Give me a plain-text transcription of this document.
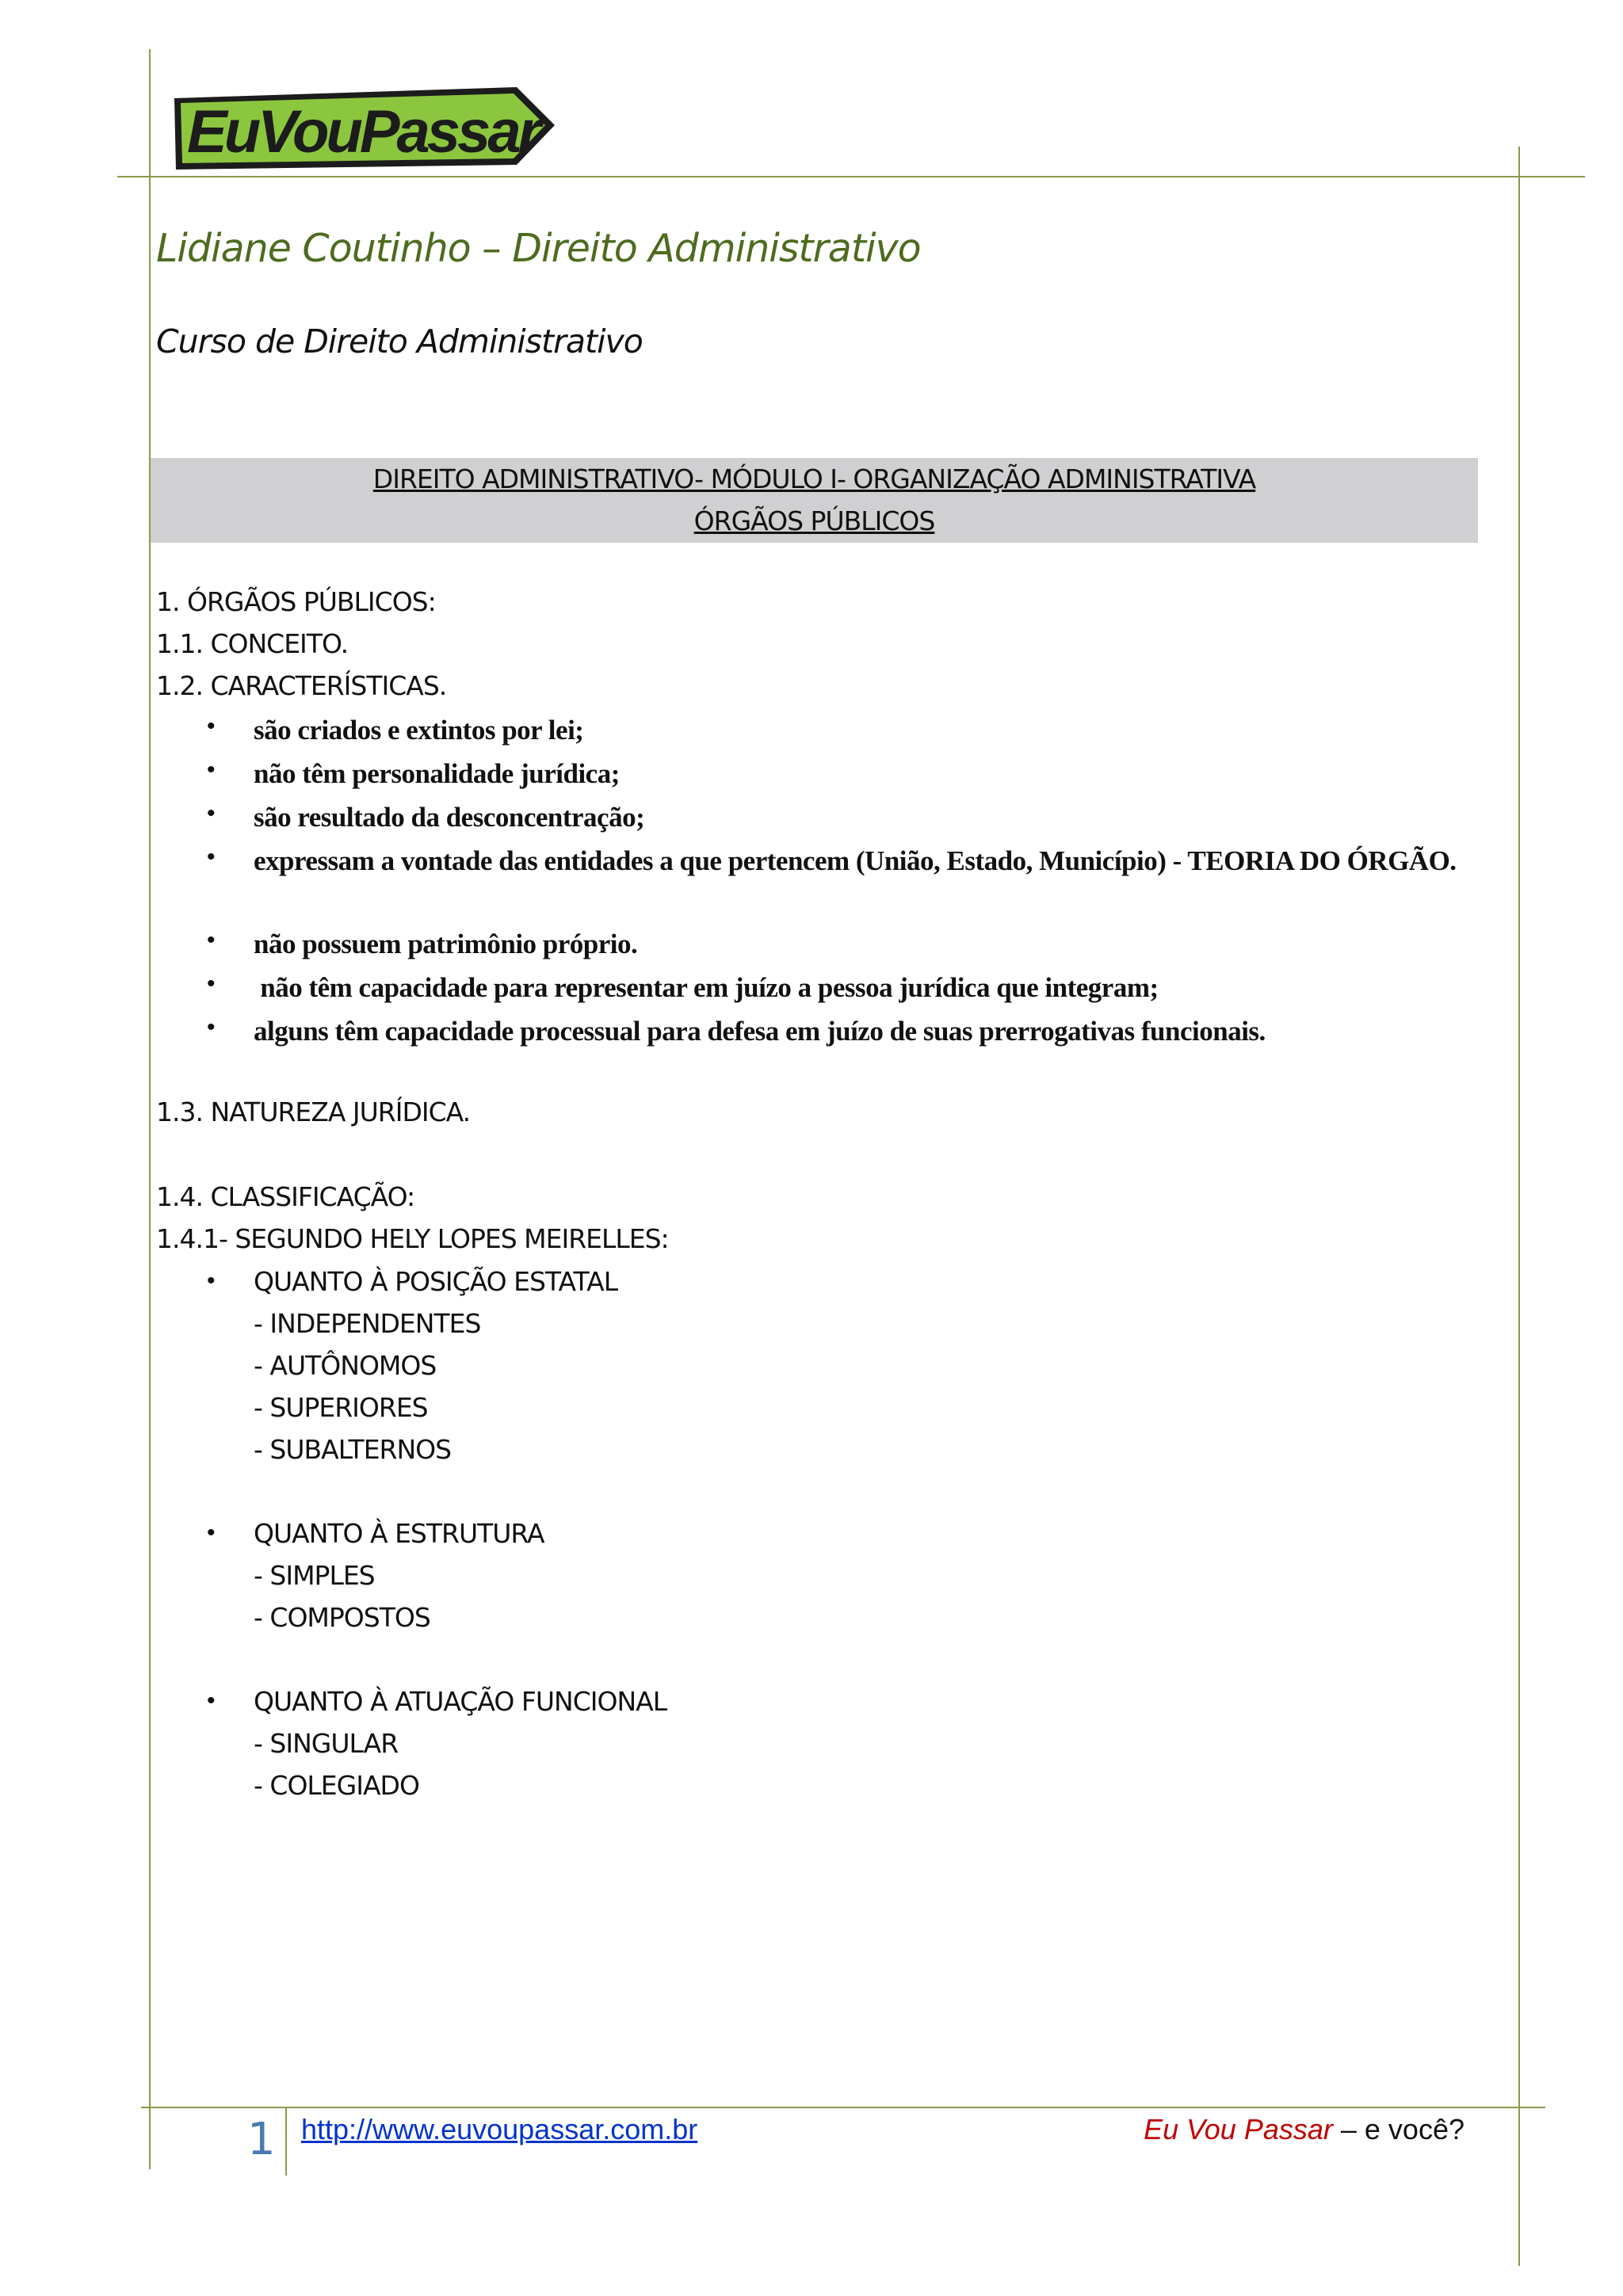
EuVouPassar
Lidiane Coutinho – Direito Administrativo
Curso de Direito Administrativo
DIREITO ADMINISTRATIVO- MÓDULO I- ORGANIZAÇÃO ADMINISTRATIVA
ÓRGÃOS PÚBLICOS

1. ÓRGÃOS PÚBLICOS:

1.1. CONCEITO.

1.2. CARACTERÍSTICAS.

• são criados e extintos por lei;

• não têm personalidade jurídica;

• são resultado da desconcentração;

• expressam a vontade das entidades a que pertencem (União, Estado, Município) - TEORIA DO ÓRGÃO.

• não possuem patrimônio próprio.

• não têm capacidade para representar em juízo a pessoa jurídica que integram;

• alguns têm capacidade processual para defesa em juízo de suas prerrogativas funcionais.

1.3. NATUREZA JURÍDICA.

1.4. CLASSIFICAÇÃO:

1.4.1- SEGUNDO HELY LOPES MEIRELLES:

• QUANTO À POSIÇÃO ESTATAL

- INDEPENDENTES

- AUTÔNOMOS

- SUPERIORES

- SUBALTERNOS

• QUANTO À ESTRUTURA

- SIMPLES

- COMPOSTOS

• QUANTO À ATUAÇÃO FUNCIONAL

- SINGULAR

- COLEGIADO

1 http://www.euvoupassar.com.br	Eu Vou Passar – e você?
